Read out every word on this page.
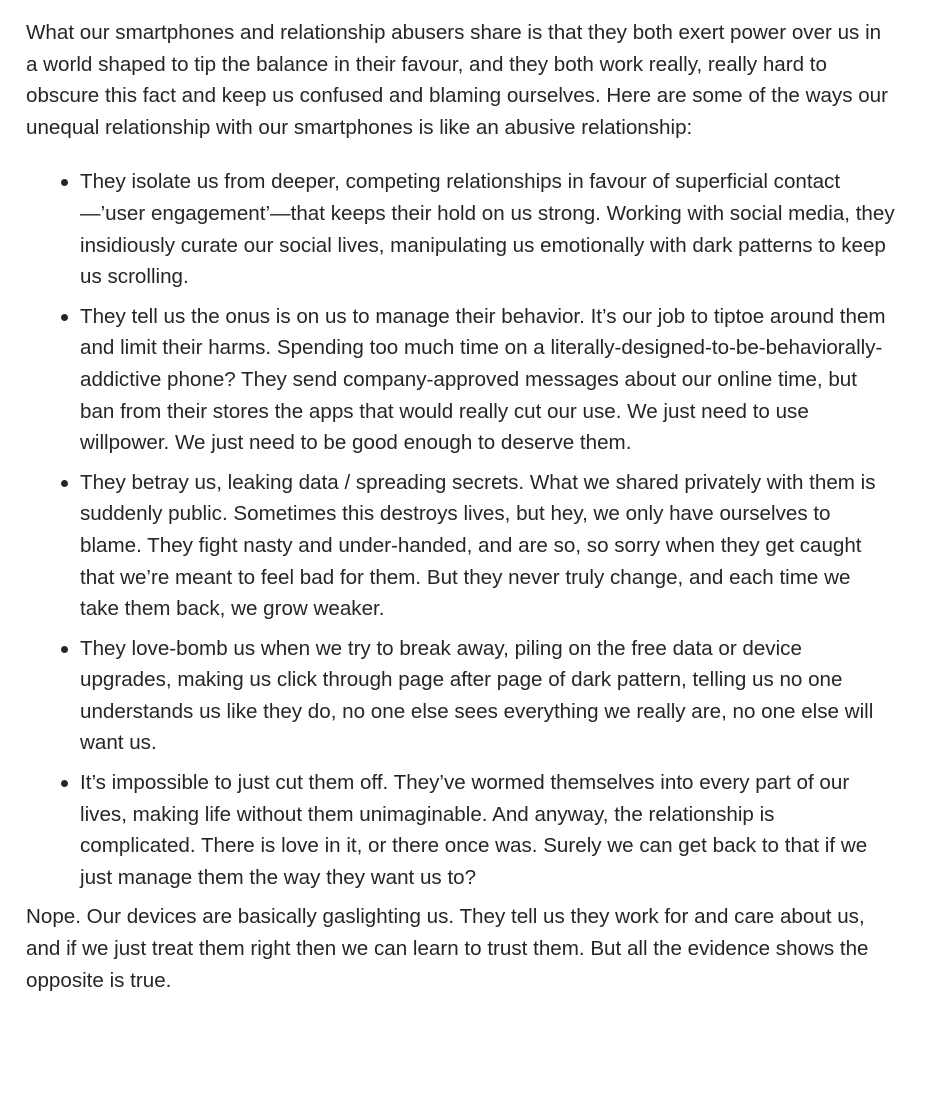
What our smartphones and relationship abusers share is that they both exert power over us in a world shaped to tip the balance in their favour, and they both work really, really hard to obscure this fact and keep us confused and blaming ourselves. Here are some of the ways our unequal relationship with our smartphones is like an abusive relationship:

They isolate us from deeper, competing relationships in favour of superficial contact—’user engagement’—that keeps their hold on us strong. Working with social media, they insidiously curate our social lives, manipulating us emotionally with dark patterns to keep us scrolling.
They tell us the onus is on us to manage their behavior. It’s our job to tiptoe around them and limit their harms. Spending too much time on a literally-designed-to-be-behaviorally-addictive phone? They send company-approved messages about our online time, but ban from their stores the apps that would really cut our use. We just need to use willpower. We just need to be good enough to deserve them.
They betray us, leaking data / spreading secrets. What we shared privately with them is suddenly public. Sometimes this destroys lives, but hey, we only have ourselves to blame. They fight nasty and under-handed, and are so, so sorry when they get caught that we’re meant to feel bad for them. But they never truly change, and each time we take them back, we grow weaker.
They love-bomb us when we try to break away, piling on the free data or device upgrades, making us click through page after page of dark pattern, telling us no one understands us like they do, no one else sees everything we really are, no one else will want us.
It’s impossible to just cut them off. They’ve wormed themselves into every part of our lives, making life without them unimaginable. And anyway, the relationship is complicated. There is love in it, or there once was. Surely we can get back to that if we just manage them the way they want us to?

Nope. Our devices are basically gaslighting us. They tell us they work for and care about us, and if we just treat them right then we can learn to trust them. But all the evidence shows the opposite is true.
